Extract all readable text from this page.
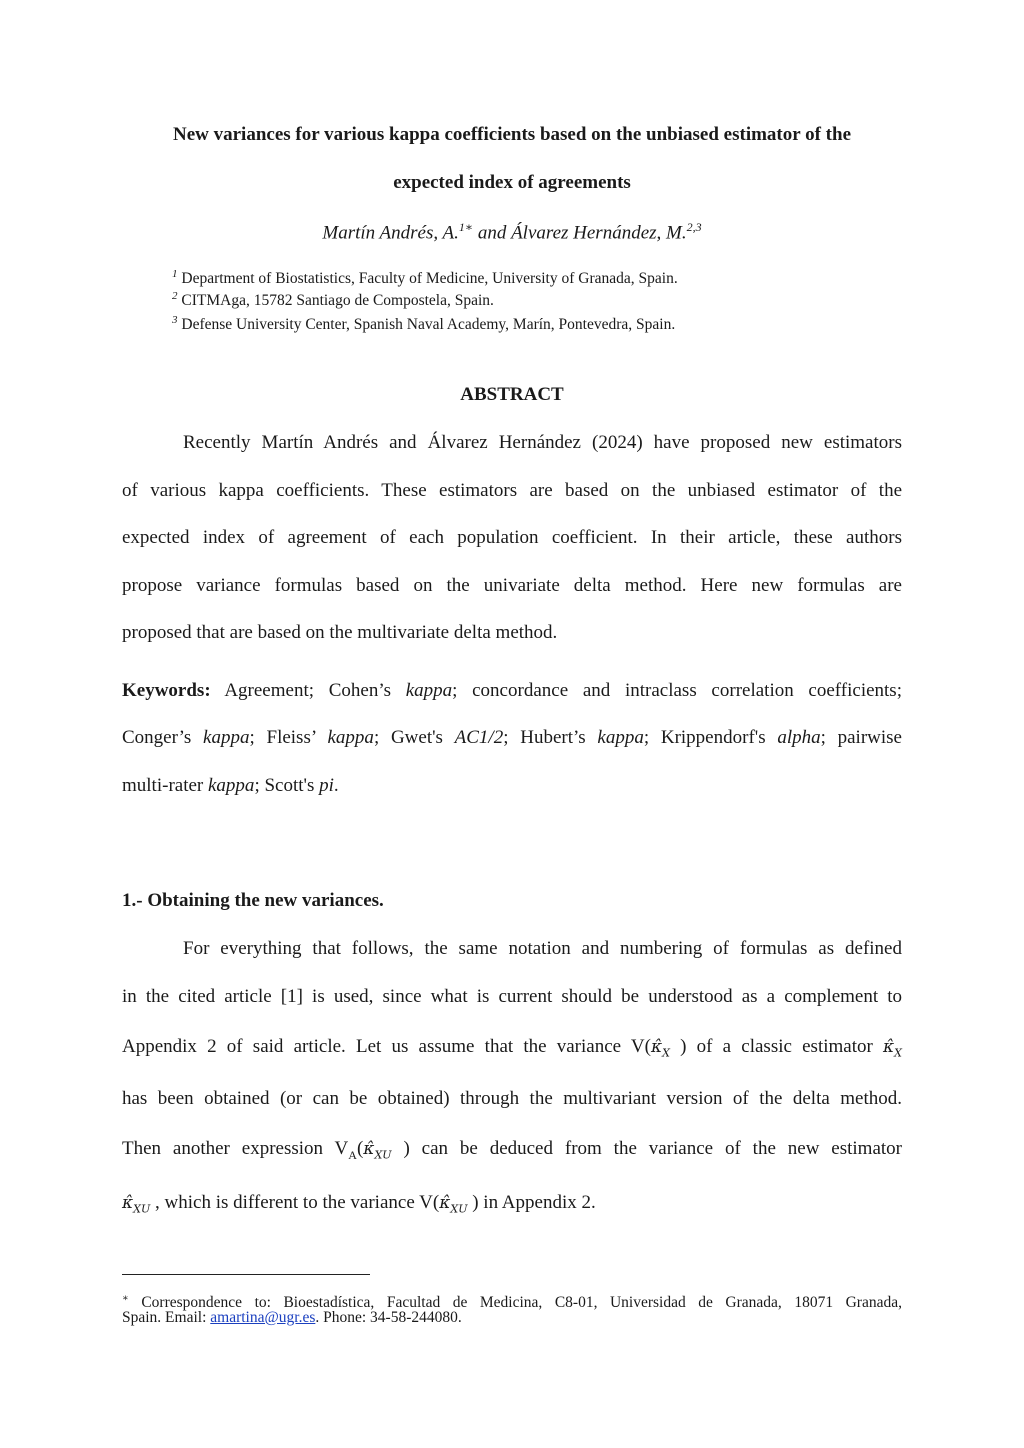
New variances for various kappa coefficients based on the unbiased estimator of the
expected index of agreements
Martín Andrés, A.$^{1∗}$ and Álvarez Hernández, M.$^{2,3}$
$^1$ Department of Biostatistics, Faculty of Medicine, University of Granada, Spain.
$^2$ CITMAga, 15782 Santiago de Compostela, Spain.
$^3$ Defense University Center, Spanish Naval Academy, Marín, Pontevedra, Spain.
ABSTRACT
Recently Martín Andrés and Álvarez Hernández (2024) have proposed new estimators
of various kappa coefficients. These estimators are based on the unbiased estimator of the
expected index of agreement of each population coefficient. In their article, these authors
propose variance formulas based on the univariate delta method. Here new formulas are
proposed that are based on the multivariate delta method.
Keywords: Agreement; Cohen’s kappa; concordance and intraclass correlation coefficients;
Conger’s kappa; Fleiss’ kappa; Gwet's AC1/2; Hubert’s kappa; Krippendorf's alpha; pairwise
multi-rater kappa; Scott's pi.
1.- Obtaining the new variances.
For everything that follows, the same notation and numbering of formulas as defined
in the cited article [1] is used, since what is current should be understood as a complement to
Appendix 2 of said article. Let us assume that the variance $V(\kappâ_X$ ) of a classic estimator $\kappâ_X$
has been obtained (or can be obtained) through the multivariant version of the delta method.
Then another expression $V_A(\kappâ_{XU}$ ) can be deduced from the variance of the new estimator
$\kappâ_{XU}$ , which is different to the variance $V(\kappâ_{XU}$ ) in Appendix 2.
∗ Correspondence to: Bioestadística, Facultad de Medicina, C8-01, Universidad de Granada, 18071 Granada,
Spain. Email: amartina@ugr.es. Phone: 34-58-244080.
